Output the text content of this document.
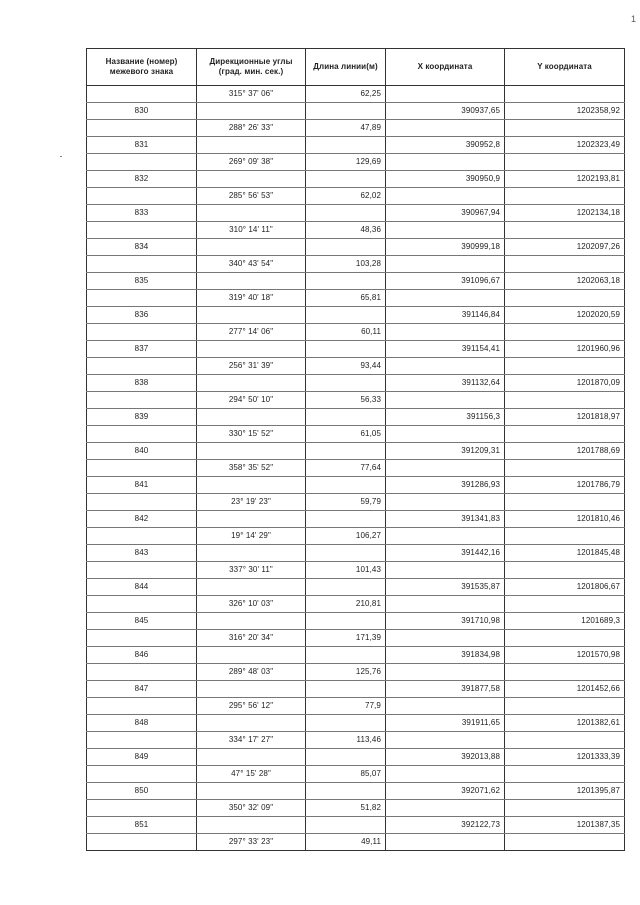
1
Название (номер) межевого знака	Дирекционные углы (град. мин. сек.)	Длина линии(м)	X координата	Y координата
	315° 37' 06"	62,25		
830			390937,65	1202358,92
	288° 26' 33"	47,89		
831			390952,8	1202323,49
	269° 09' 38"	129,69		
832			390950,9	1202193,81
	285° 56' 53"	62,02		
833			390967,94	1202134,18
	310° 14' 11"	48,36		
834			390999,18	1202097,26
	340° 43' 54"	103,28		
835			391096,67	1202063,18
	319° 40' 18"	65,81		
836			391146,84	1202020,59
	277° 14' 06"	60,11		
837			391154,41	1201960,96
	256° 31' 39"	93,44		
838			391132,64	1201870,09
	294° 50' 10"	56,33		
839			391156,3	1201818,97
	330° 15' 52"	61,05		
840			391209,31	1201788,69
	358° 35' 52"	77,64		
841			391286,93	1201786,79
	23° 19' 23"	59,79		
842			391341,83	1201810,46
	19° 14' 29"	106,27		
843			391442,16	1201845,48
	337° 30' 11"	101,43		
844			391535,87	1201806,67
	326° 10' 03"	210,81		
845			391710,98	1201689,3
	316° 20' 34"	171,39		
846			391834,98	1201570,98
	289° 48' 03"	125,76		
847			391877,58	1201452,66
	295° 56' 12"	77,9		
848			391911,65	1201382,61
	334° 17' 27"	113,46		
849			392013,88	1201333,39
	47° 15' 28"	85,07		
850			392071,62	1201395,87
	350° 32' 09"	51,82		
851			392122,73	1201387,35
	297° 33' 23"	49,11		
